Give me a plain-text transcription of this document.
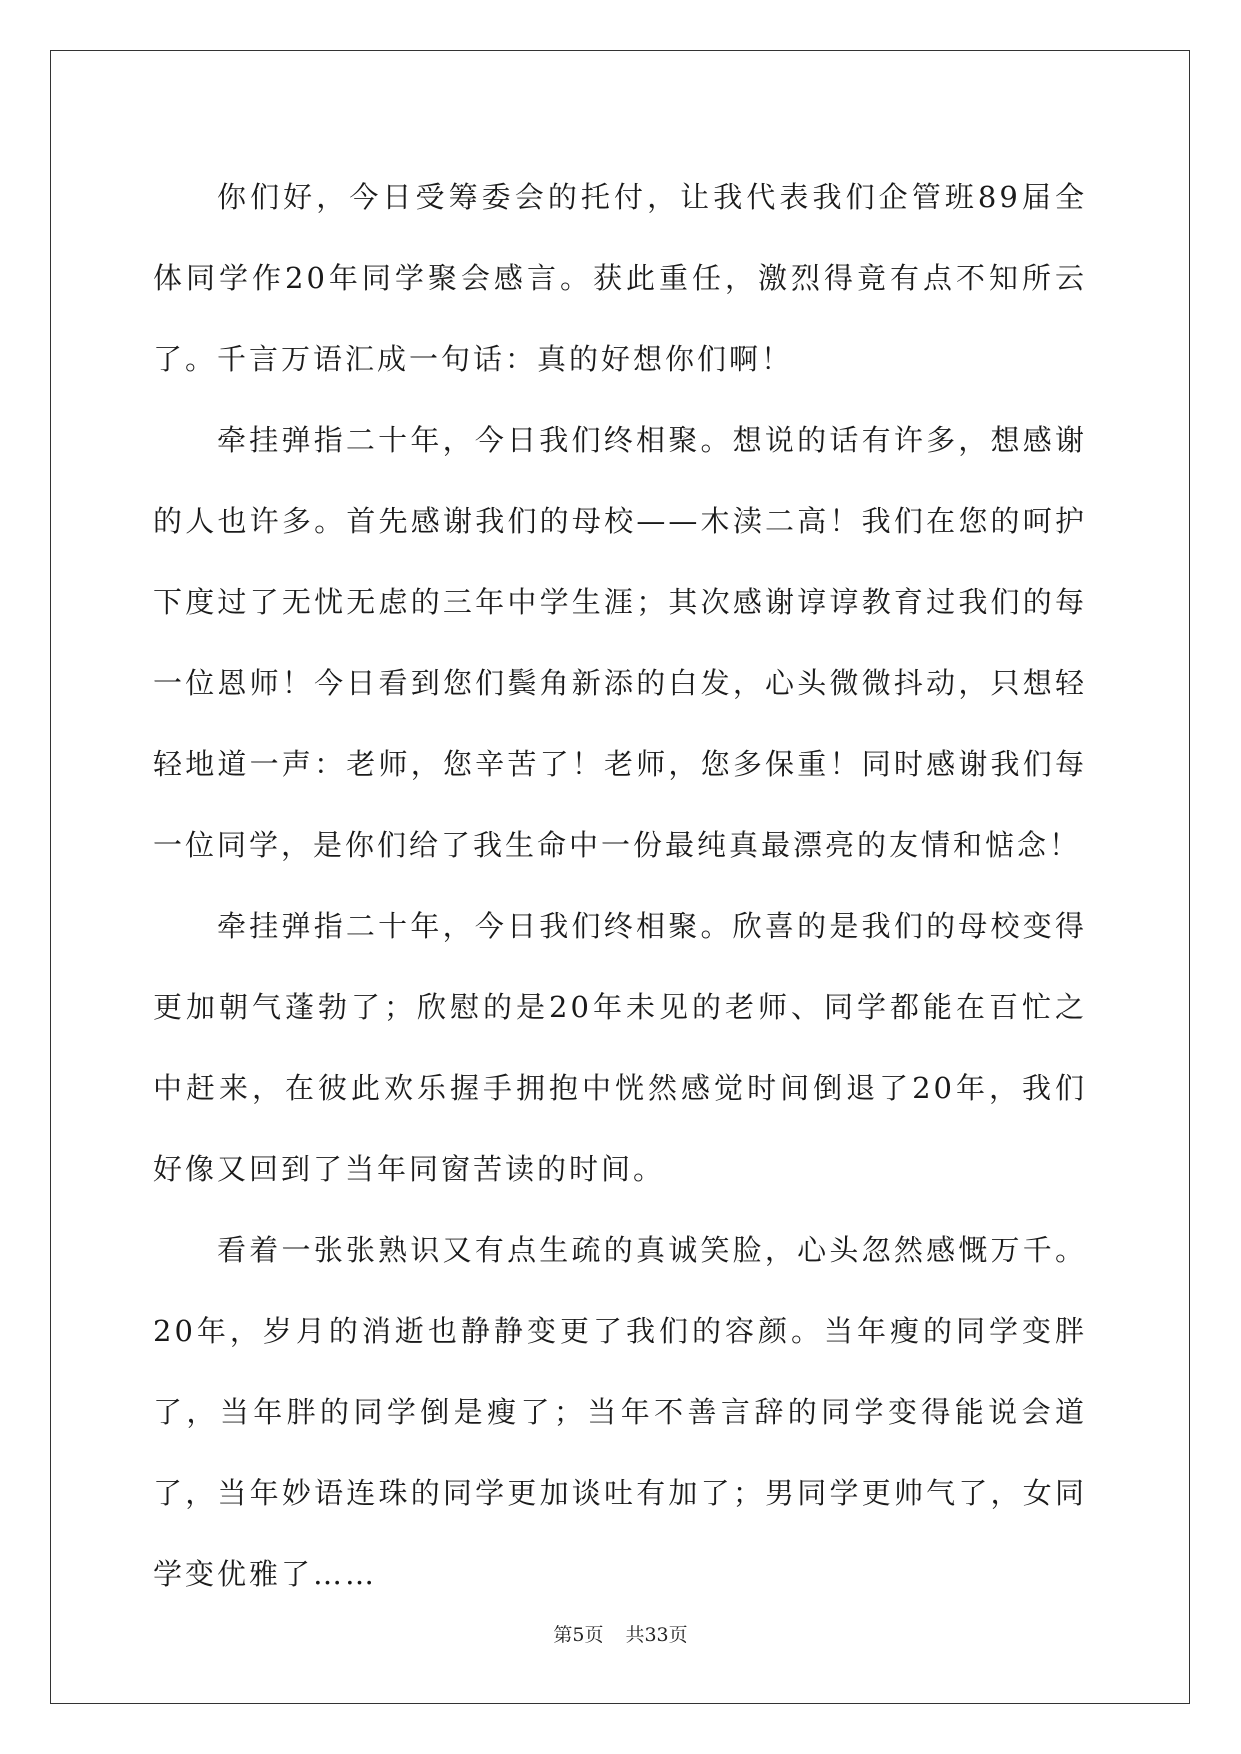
你们好，今日受筹委会的托付，让我代表我们企管班89届全体同学作20年同学聚会感言。获此重任，激烈得竟有点不知所云了。千言万语汇成一句话：真的好想你们啊！

牵挂弹指二十年，今日我们终相聚。想说的话有许多，想感谢的人也许多。首先感谢我们的母校——木渎二高！我们在您的呵护下度过了无忧无虑的三年中学生涯；其次感谢谆谆教育过我们的每一位恩师！今日看到您们鬓角新添的白发，心头微微抖动，只想轻轻地道一声：老师，您辛苦了！老师，您多保重！同时感谢我们每一位同学，是你们给了我生命中一份最纯真最漂亮的友情和惦念！

牵挂弹指二十年，今日我们终相聚。欣喜的是我们的母校变得更加朝气蓬勃了；欣慰的是20年未见的老师、同学都能在百忙之中赶来，在彼此欢乐握手拥抱中恍然感觉时间倒退了20年，我们好像又回到了当年同窗苦读的时间。

看着一张张熟识又有点生疏的真诚笑脸，心头忽然感慨万千。20年，岁月的消逝也静静变更了我们的容颜。当年瘦的同学变胖了，当年胖的同学倒是瘦了；当年不善言辞的同学变得能说会道了，当年妙语连珠的同学更加谈吐有加了；男同学更帅气了，女同学变优雅了……

第5页 共33页
